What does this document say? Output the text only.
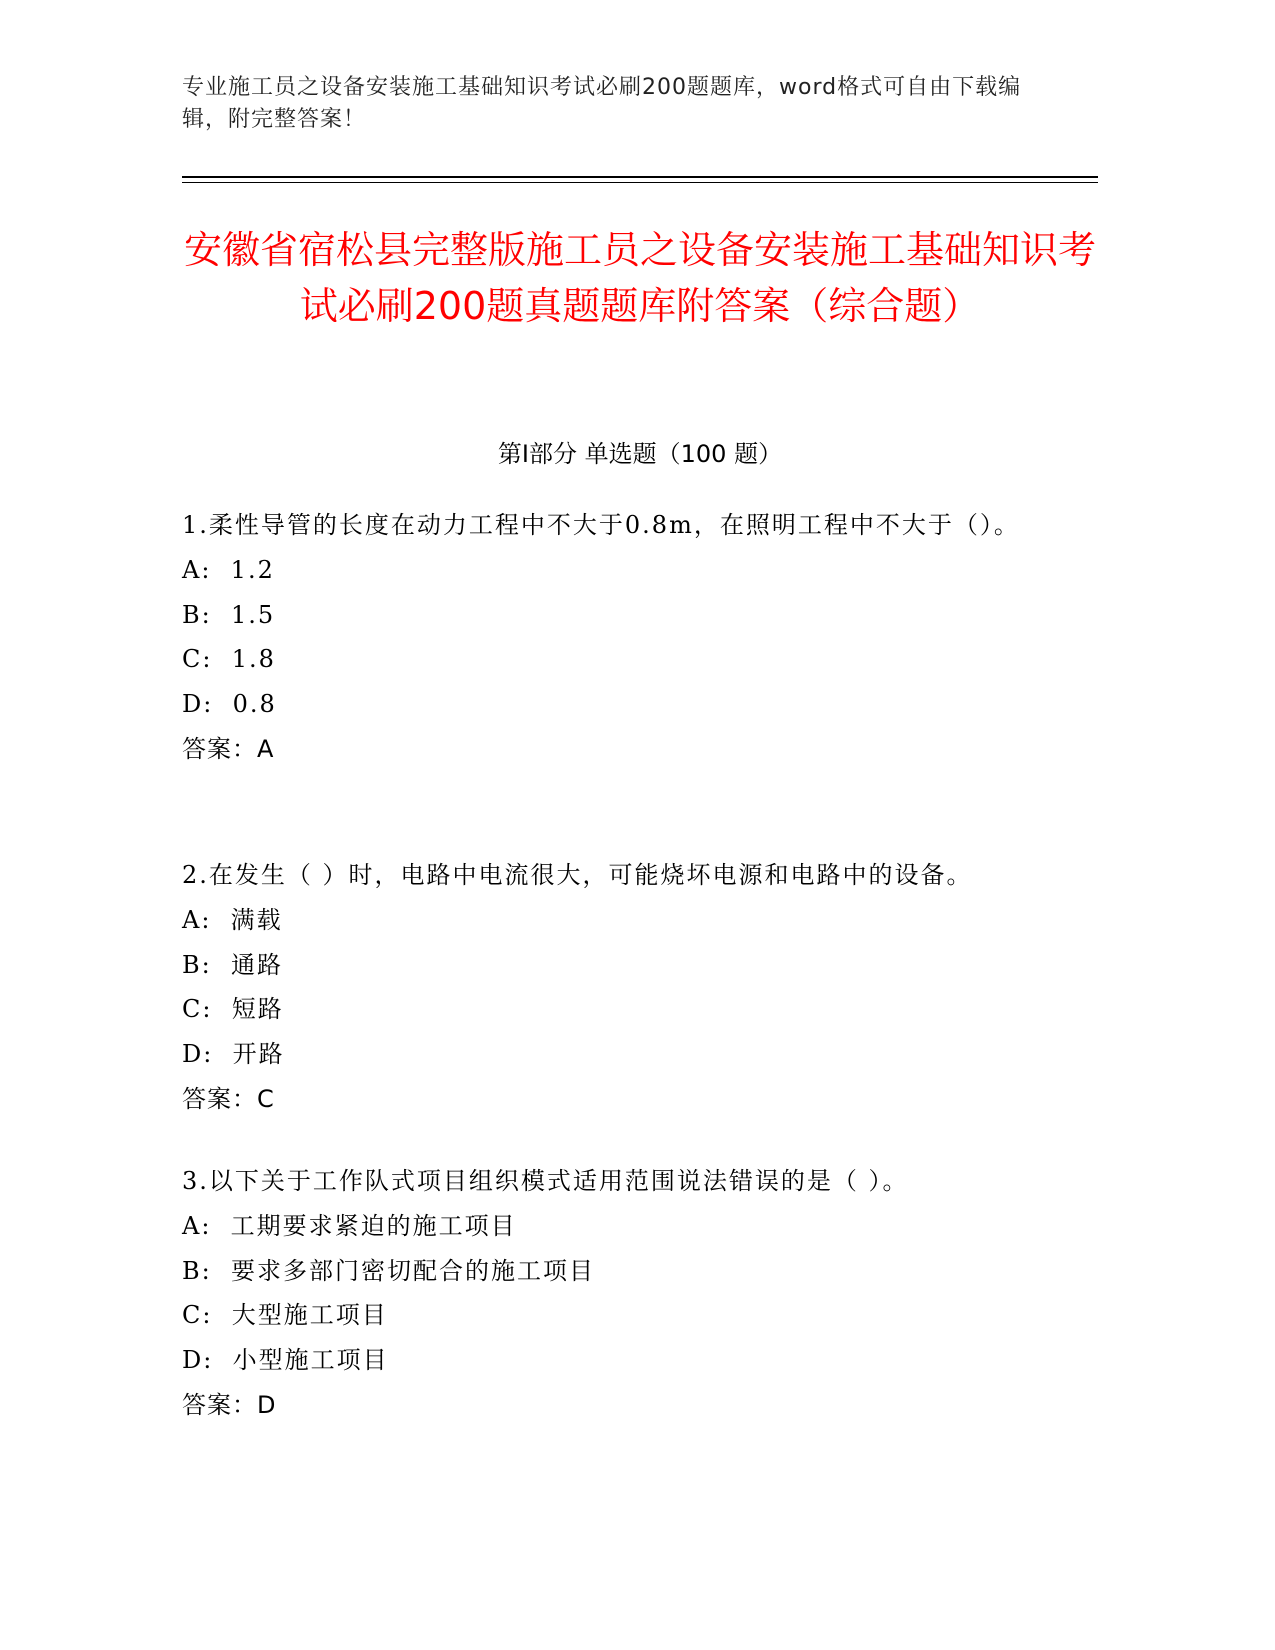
专业施工员之设备安装施工基础知识考试必刷200题题库，word格式可自由下载编辑，附完整答案！
安徽省宿松县完整版施工员之设备安装施工基础知识考试必刷200题真题题库附答案（综合题）
第Ⅰ部分 单选题（100 题）
1.柔性导管的长度在动力工程中不大于0.8m，在照明工程中不大于（）。
A:  1.2
B:  1.5
C:  1.8
D:  0.8
答案：A
2.在发生（ ）时，电路中电流很大，可能烧坏电源和电路中的设备。
A:  满载
B:  通路
C:  短路
D:  开路
答案：C
3.以下关于工作队式项目组织模式适用范围说法错误的是（ ）。
A:  工期要求紧迫的施工项目
B:  要求多部门密切配合的施工项目
C:  大型施工项目
D:  小型施工项目
答案：D
